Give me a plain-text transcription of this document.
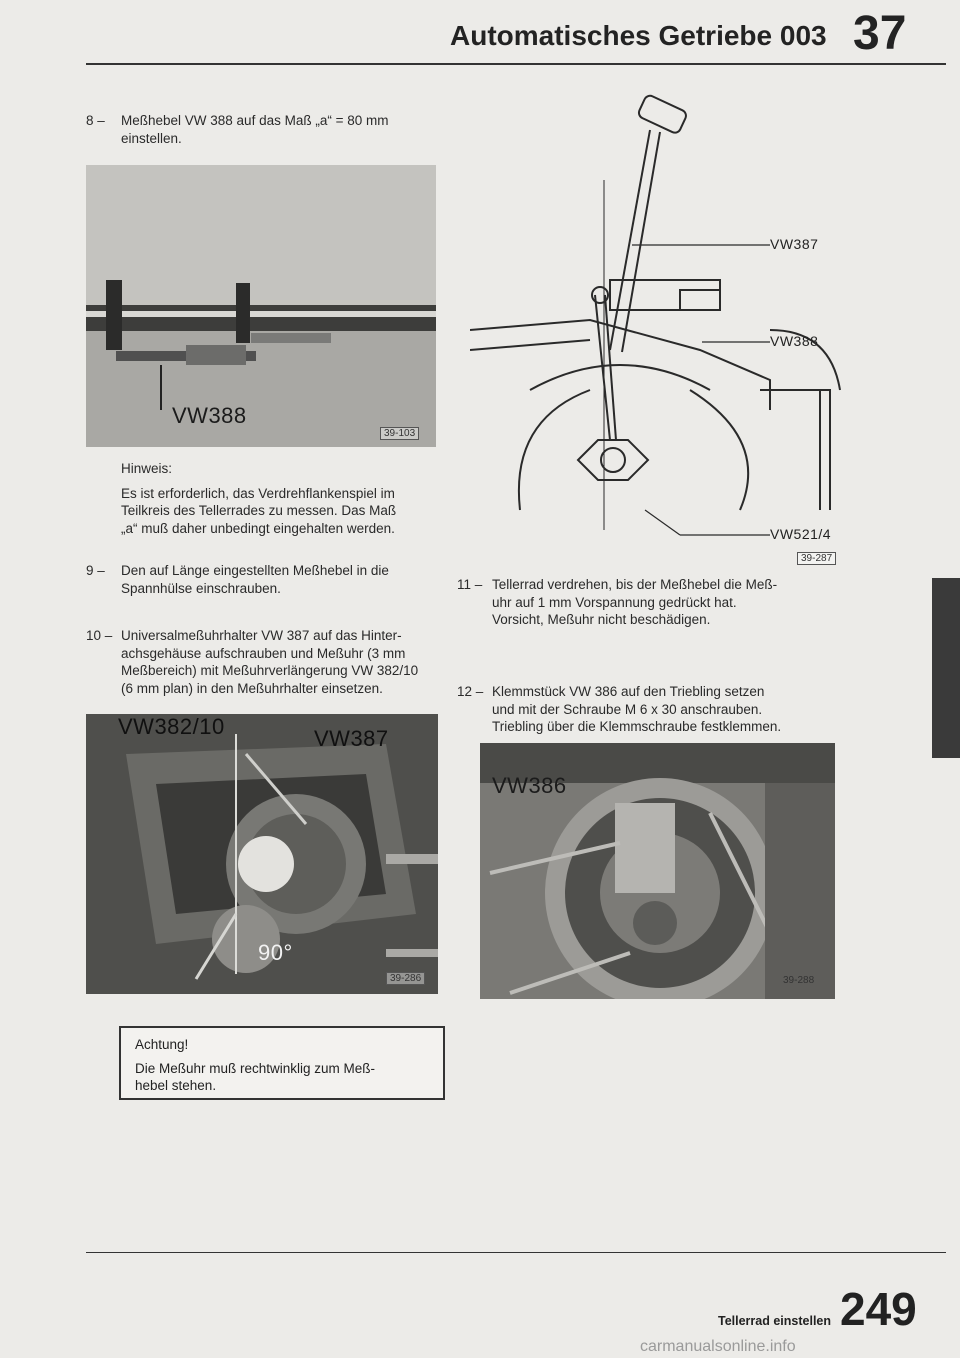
Automatisches Getriebe 003 37
8 –	Meßhebel VW 388 auf das Maß „a“ = 80 mm
einstellen.
VW388
39-103
Hinweis:
Es ist erforderlich, das Verdrehflankenspiel im
Teilkreis des Tellerrades zu messen. Das Maß
„a“ muß daher unbedingt eingehalten werden.
9 –	Den auf Länge eingestellten Meßhebel in die
Spannhülse einschrauben.
10 – Universalmeßuhrhalter VW 387 auf das Hinter-
achsgehäuse aufschrauben und Meßuhr (3 mm
Meßbereich) mit Meßuhrverlängerung VW 382/10
(6 mm plan) in den Meßuhrhalter einsetzen.
VW382/10	VW387
90°
39-286
Achtung!
Die Meßuhr muß rechtwinklig zum Meß-
hebel stehen.
VW387
VW388
VW521/4
39-287
11 – Tellerrad verdrehen, bis der Meßhebel die Meß-
uhr auf 1 mm Vorspannung gedrückt hat.
Vorsicht, Meßuhr nicht beschädigen.
12 – Klemmstück VW 386 auf den Triebling setzen
und mit der Schraube M 6 x 30 anschrauben.
Triebling über die Klemmschraube festklemmen.
VW386
39-288
Tellerrad einstellen 249
carmanualsonline.info
